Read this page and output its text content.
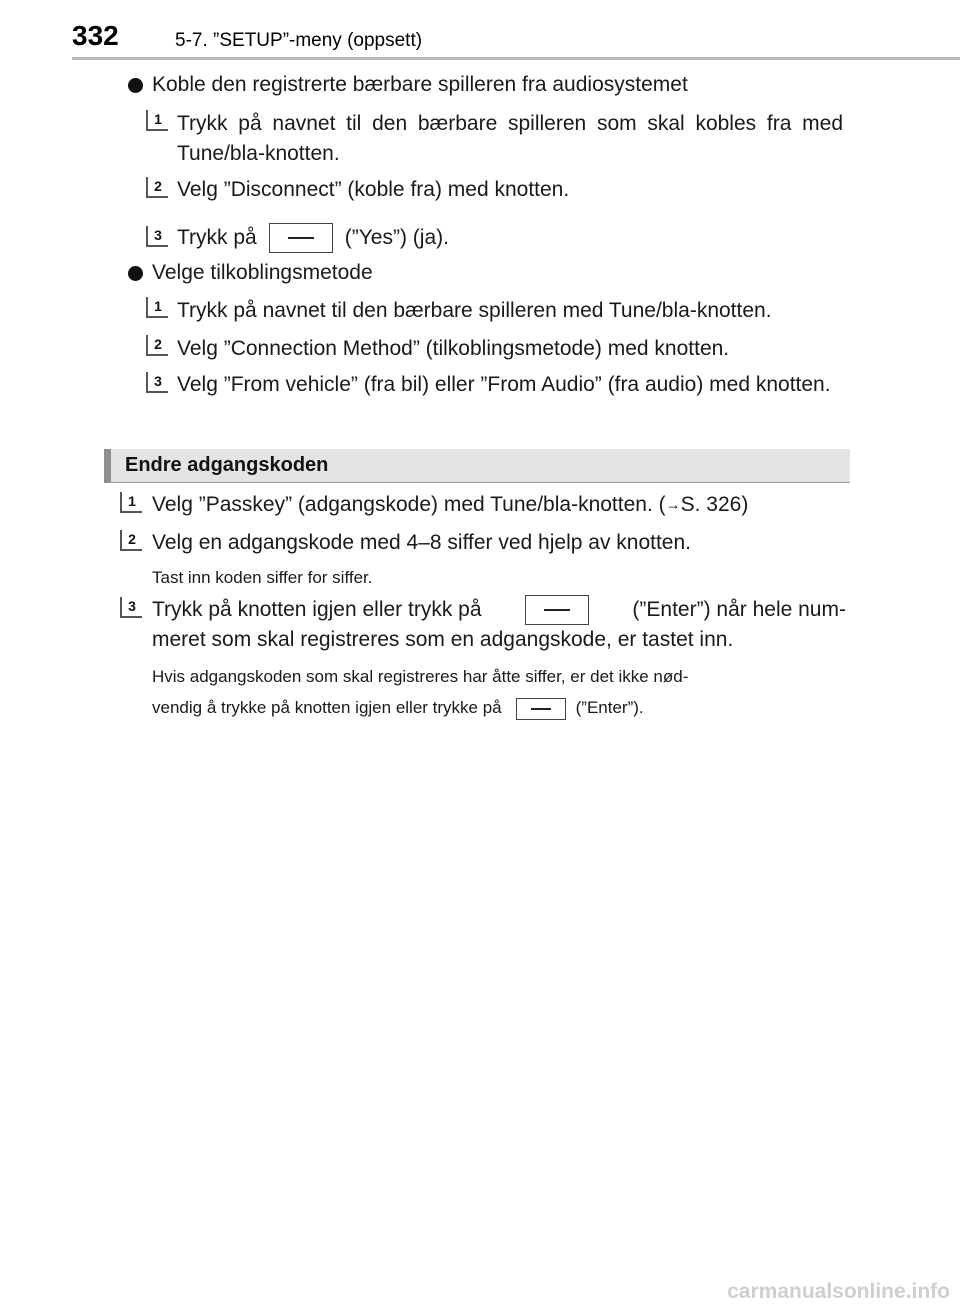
332	5-7. ”SETUP”-meny (oppsett)
Koble den registrerte bærbare spilleren fra audiosystemet
1 Trykk på navnet til den bærbare spilleren som skal kobles fra med Tune/bla-knotten.
2 Velg ”Disconnect” (koble fra) med knotten.
3 Trykk på	(”Yes”) (ja).
Velge tilkoblingsmetode
1 Trykk på navnet til den bærbare spilleren med Tune/bla-knotten.
2 Velg ”Connection Method” (tilkoblingsmetode) med knotten.
3 Velg ”From vehicle” (fra bil) eller ”From Audio” (fra audio) med knotten.
Endre adgangskoden
1 Velg ”Passkey” (adgangskode) med Tune/bla-knotten. (→S. 326)
2 Velg en adgangskode med 4–8 siffer ved hjelp av knotten.
Tast inn koden siffer for siffer.
3 Trykk på knotten igjen eller trykk på	(”Enter”) når hele num-
meret som skal registreres som en adgangskode, er tastet inn.
Hvis adgangskoden som skal registreres har åtte siffer, er det ikke nød-
vendig å trykke på knotten igjen eller trykke på	(”Enter”).
carmanualsonline.info
